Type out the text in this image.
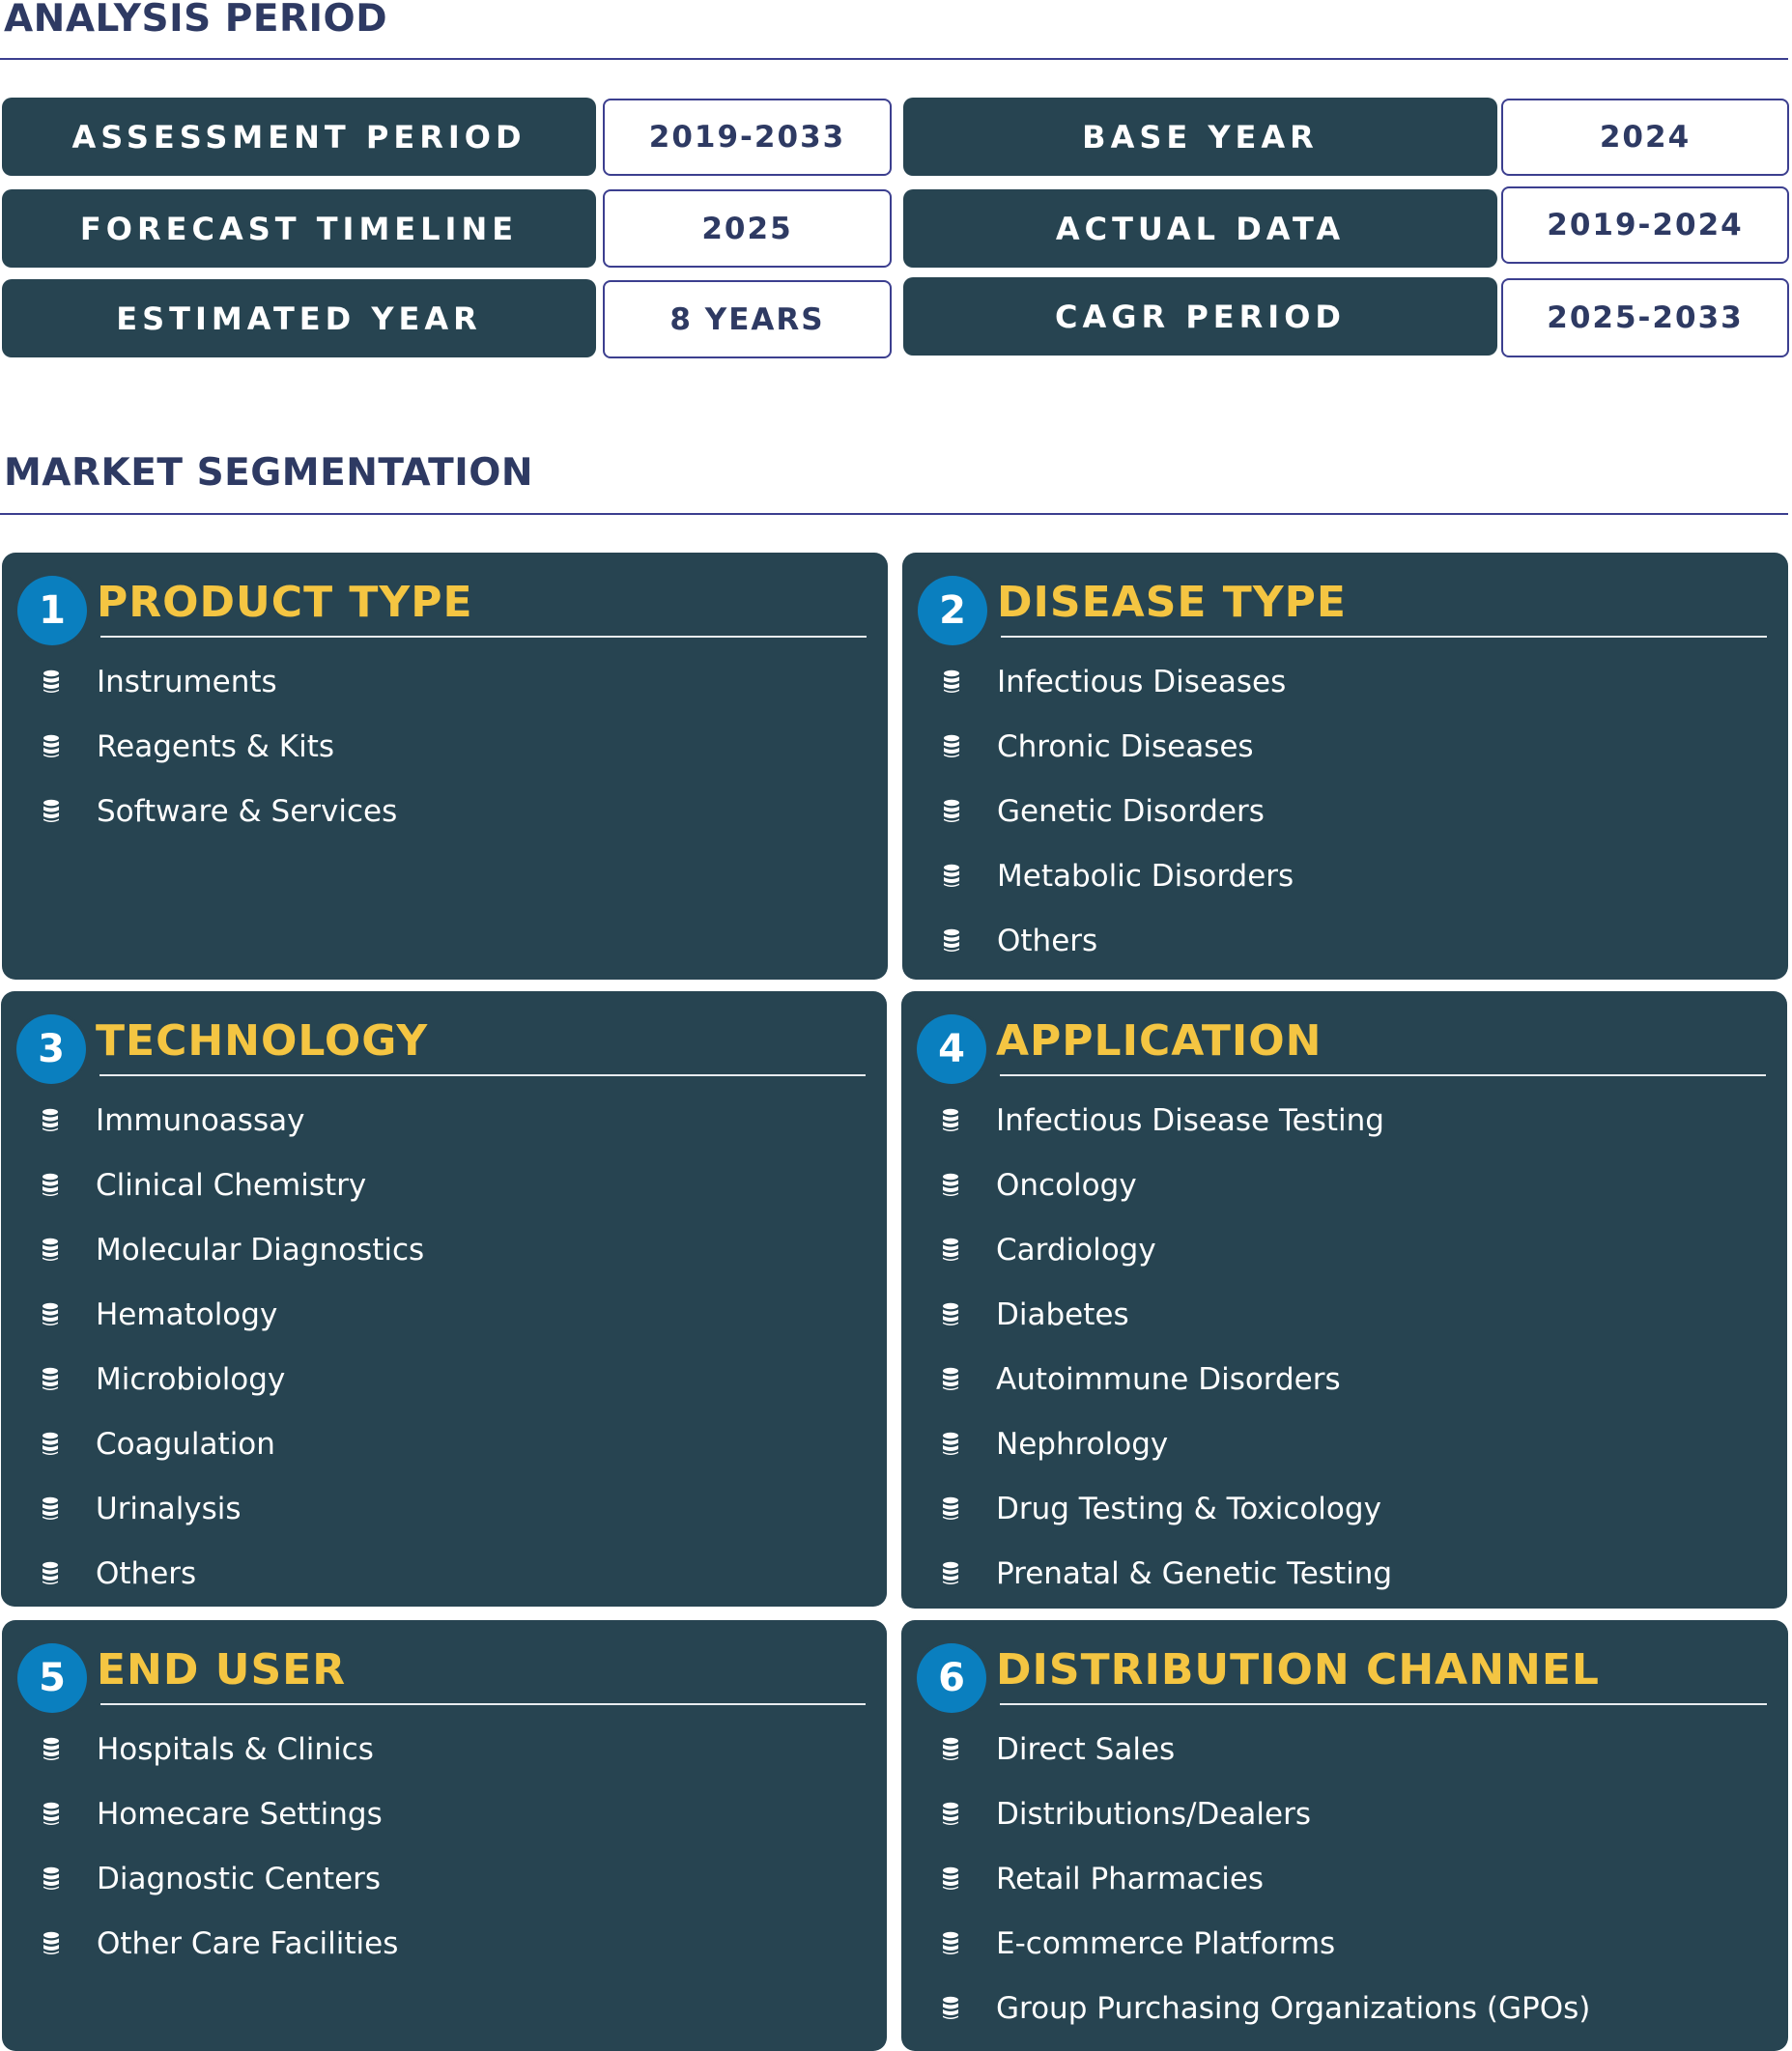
ANALYSIS PERIOD
ASSESSMENT PERIOD	2019-2033	BASE YEAR	2024
FORECAST TIMELINE	2025	ACTUAL DATA	2019-2024
ESTIMATED YEAR	8 YEARS	CAGR PERIOD	2025-2033
MARKET SEGMENTATION
1 PRODUCT TYPE
Instruments
Reagents & Kits
Software & Services
2 DISEASE TYPE
Infectious Diseases
Chronic Diseases
Genetic Disorders
Metabolic Disorders
Others
3 TECHNOLOGY
Immunoassay
Clinical Chemistry
Molecular Diagnostics
Hematology
Microbiology
Coagulation
Urinalysis
Others
4 APPLICATION
Infectious Disease Testing
Oncology
Cardiology
Diabetes
Autoimmune Disorders
Nephrology
Drug Testing & Toxicology
Prenatal & Genetic Testing
5 END USER
Hospitals & Clinics
Homecare Settings
Diagnostic Centers
Other Care Facilities
6 DISTRIBUTION CHANNEL
Direct Sales
Distributions/Dealers
Retail Pharmacies
E-commerce Platforms
Group Purchasing Organizations (GPOs)
